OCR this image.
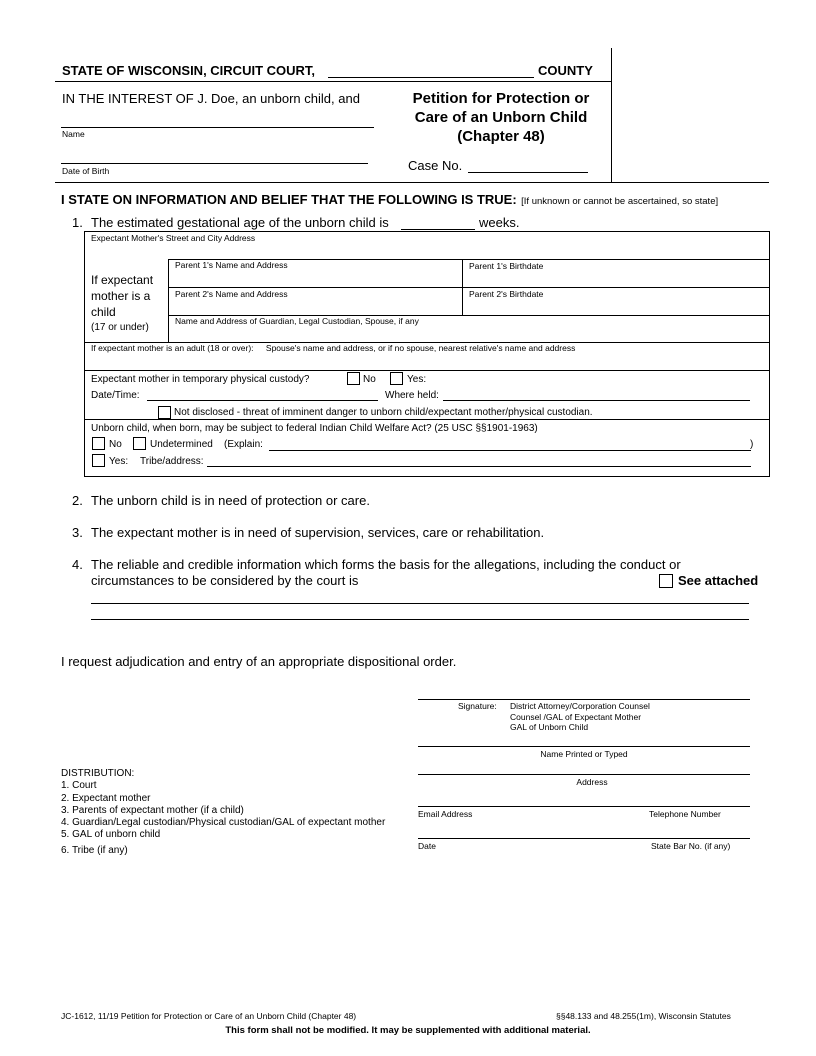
STATE OF WISCONSIN, CIRCUIT COURT,	COUNTY
IN THE INTEREST OF J. Doe, an unborn child, and
Name
Date of Birth
Petition for Protection or
Care of an Unborn Child
(Chapter 48)
Case No.
I STATE ON INFORMATION AND BELIEF THAT THE FOLLOWING IS TRUE: [If unknown or cannot be ascertained, so state]
1. The estimated gestational age of the unborn child is	weeks.
Expectant Mother's Street and City Address
If expectant
mother is a
child
(17 or under)
Parent 1's Name and Address	Parent 1's Birthdate
Parent 2's Name and Address	Parent 2's Birthdate
Name and Address of Guardian, Legal Custodian, Spouse, if any
If expectant mother is an adult (18 or over): Spouse's name and address, or if no spouse, nearest relative's name and address
Expectant mother in temporary physical custody?	No	Yes:
Date/Time:	Where held:
Not disclosed - threat of imminent danger to unborn child/expectant mother/physical custodian.
Unborn child, when born, may be subject to federal Indian Child Welfare Act? (25 USC §§1901-1963)
No	Undetermined (Explain:	)
Yes: Tribe/address:
2. The unborn child is in need of protection or care.
3. The expectant mother is in need of supervision, services, care or rehabilitation.
4. The reliable and credible information which forms the basis for the allegations, including the conduct or
circumstances to be considered by the court is	See attached
I request adjudication and entry of an appropriate dispositional order.
Signature: District Attorney/Corporation Counsel
Counsel /GAL of Expectant Mother
GAL of Unborn Child
Name Printed or Typed
Address
Email Address	Telephone Number
Date	State Bar No. (if any)
DISTRIBUTION:
1. Court
2. Expectant mother
3. Parents of expectant mother (if a child)
4. Guardian/Legal custodian/Physical custodian/GAL of expectant mother
5. GAL of unborn child
6. Tribe (if any)
JC-1612, 11/19 Petition for Protection or Care of an Unborn Child (Chapter 48)	§§48.133 and 48.255(1m), Wisconsin Statutes
This form shall not be modified. It may be supplemented with additional material.
